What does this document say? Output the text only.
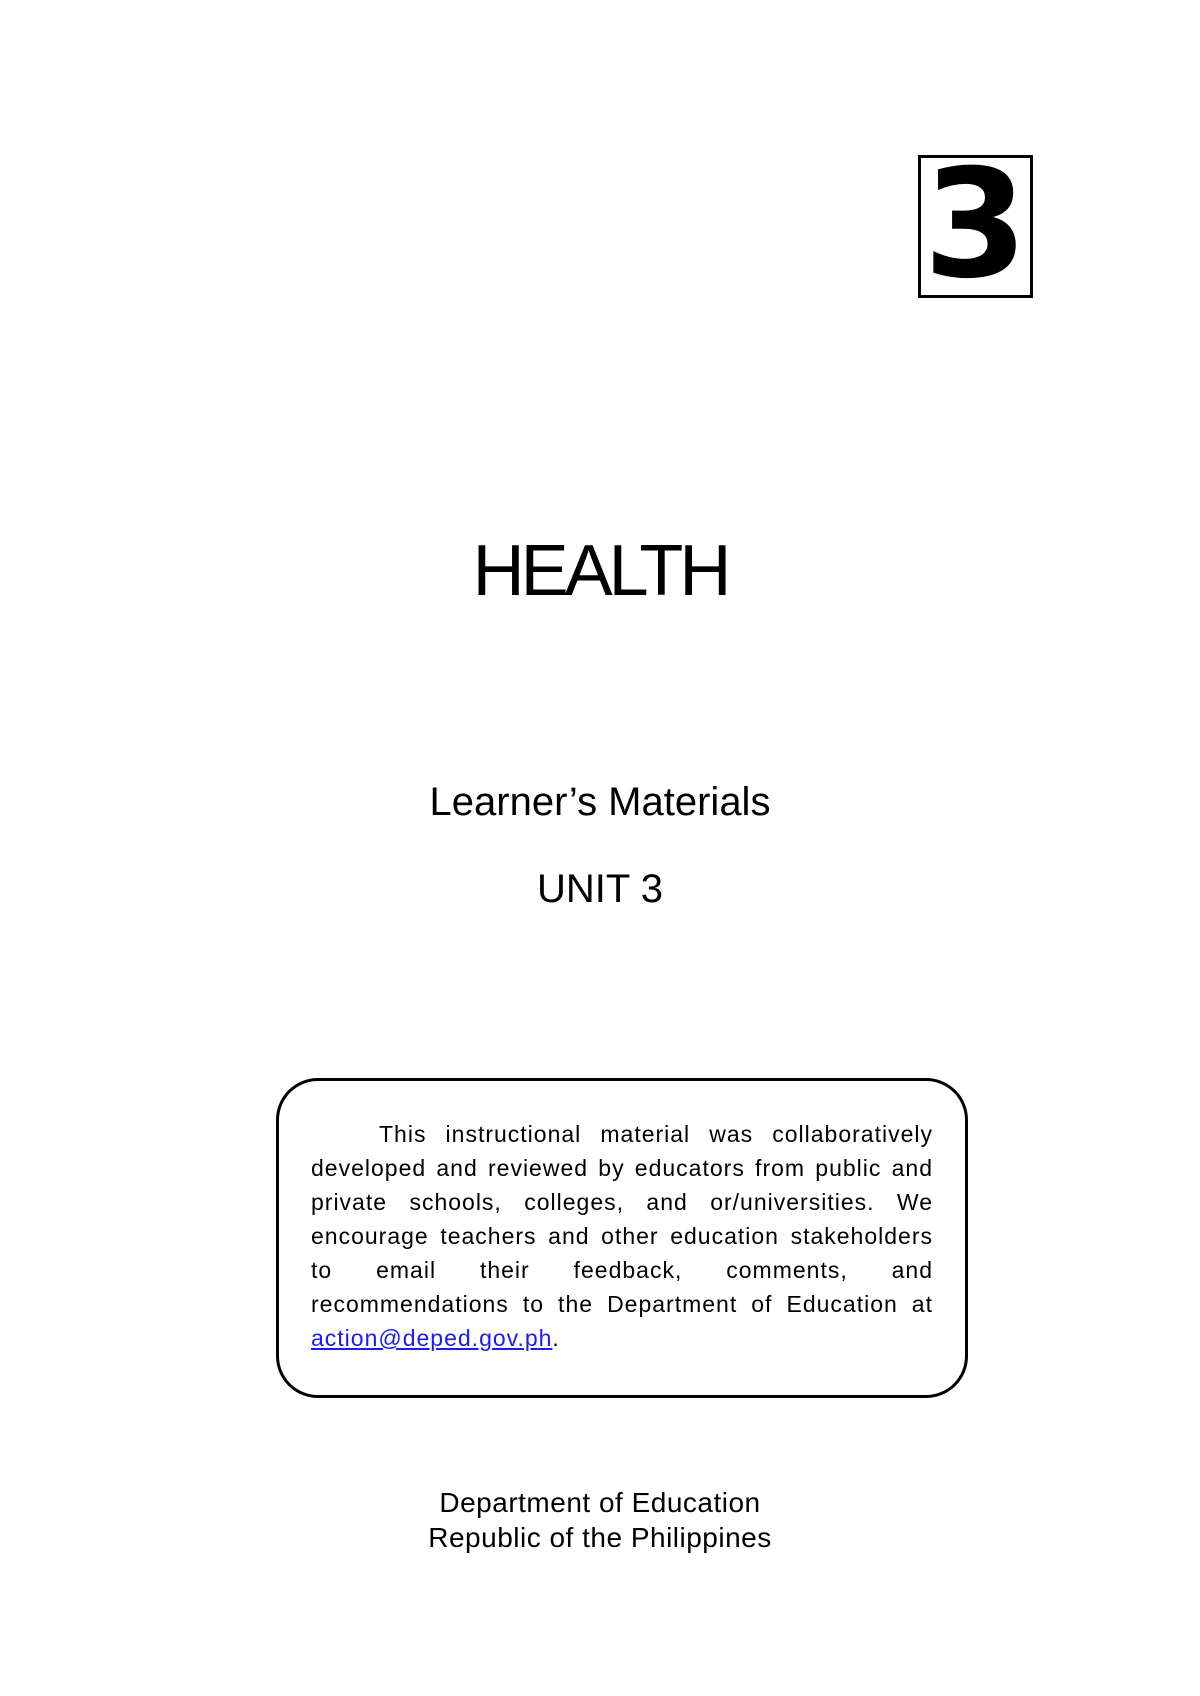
3
HEALTH
Learner’s Materials
UNIT 3

This instructional material was collaboratively developed and reviewed by educators from public and private schools, colleges, and or/universities. We encourage teachers and other education stakeholders to email their feedback, comments, and recommendations to the Department of Education at action@deped.gov.ph.

Department of Education
Republic of the Philippines
